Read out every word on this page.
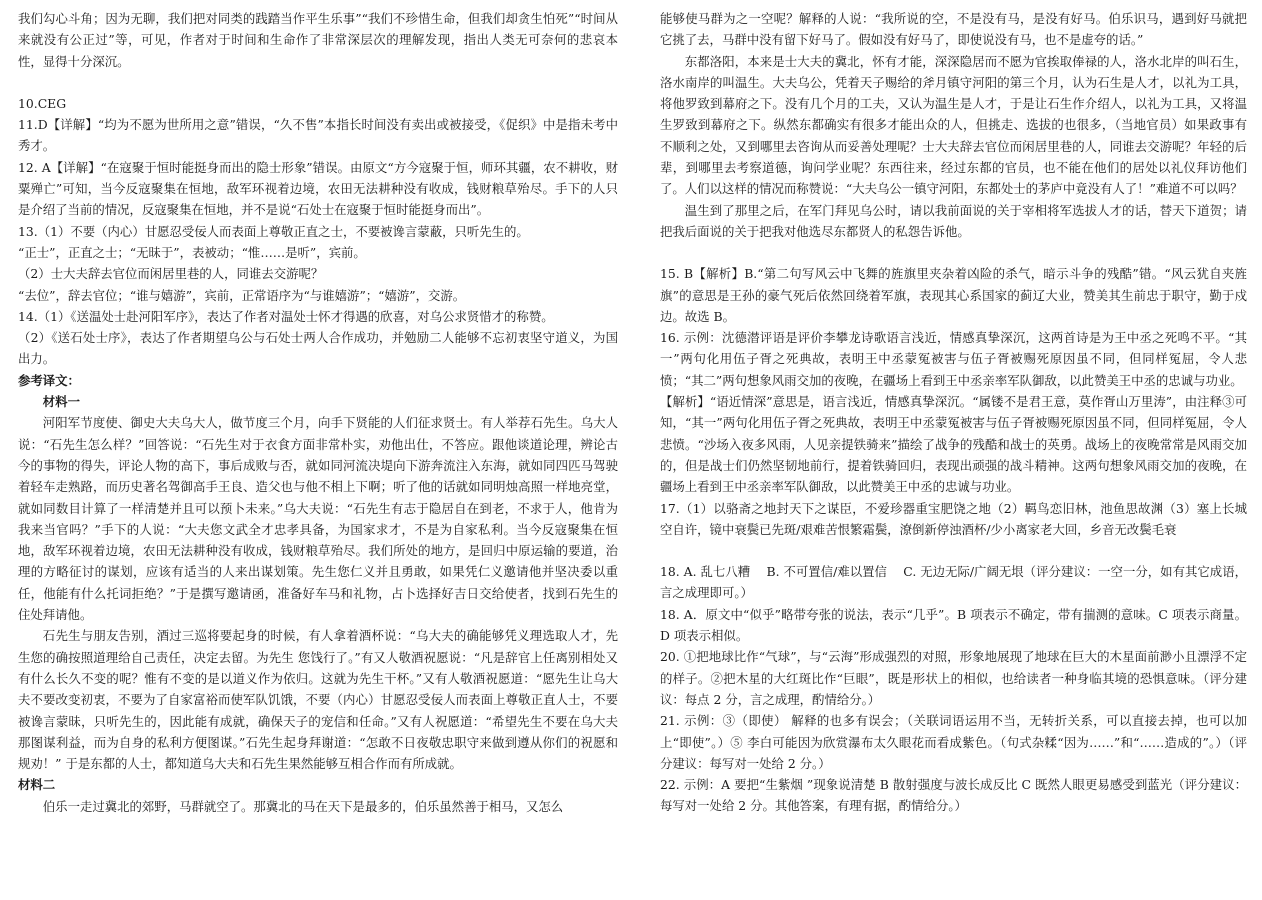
我们勾心斗角；因为无聊，我们把对同类的践踏当作平生乐事”“我们不珍惜生命，但我们却贪生怕死”“时间从来就没有公正过”等，可见，作者对于时间和生命作了非常深层次的理解发现，指出人类无可奈何的悲哀本性，显得十分深沉。

10.CEG

11.D【详解】“均为不愿为世所用之意”错误，“久不售”本指长时间没有卖出或被接受，《促织》中是指未考中秀才。

12. A【详解】“在寇聚于恒时能挺身而出的隐士形象”错误。由原文“方今寇聚于恒，师环其疆，农不耕收，财粟殚亡”可知，当今反寇聚集在恒地，敌军环视着边境，农田无法耕种没有收成，钱财粮草殆尽。手下的人只是介绍了当前的情况，反寇聚集在恒地，并不是说“石处士在寇聚于恒时能挺身而出”。

13.（1）不要（内心）甘愿忍受佞人而表面上尊敬正直之士，不要被谗言蒙蔽，只听先生的。

“正士”，正直之士；“无昧于”，表被动；“惟……是听”，宾前。

（2）士大夫辞去官位而闲居里巷的人，同谁去交游呢？

“去位”，辞去官位；“谁与嬉游”，宾前，正常语序为“与谁嬉游”；“嬉游”，交游。

14.（1）《送温处士赴河阳军序》，表达了作者对温处士怀才得遇的欣喜，对乌公求贤惜才的称赞。

（2）《送石处士序》，表达了作者期望乌公与石处士两人合作成功，并勉励二人能够不忘初衷坚守道义，为国出力。

参考译文：

材料一

河阳军节度使、御史大夫乌大人，做节度三个月，向手下贤能的人们征求贤士。有人举荐石先生。乌大人说：“石先生怎么样？”回答说：“石先生对于衣食方面非常朴实，劝他出仕，不答应。跟他谈道论理，辨论古今的事物的得失，评论人物的高下，事后成败与否，就如同河流决堤向下游奔流注入东海，就如同四匹马驾驶着轻车走熟路，而历史著名驾御高手王良、造父也与他不相上下啊；听了他的话就如同明烛高照一样地亮堂，就如同数目计算了一样清楚并且可以预卜未来。”乌大夫说：“石先生有志于隐居自在到老，不求于人，他肯为我来当官吗？”手下的人说：“大夫您文武全才忠孝具备，为国家求才，不是为自家私利。当今反寇聚集在恒地，敌军环视着边境，农田无法耕种没有收成，钱财粮草殆尽。我们所处的地方，是回归中原运输的要道，治理的方略征讨的谋划，应该有适当的人来出谋划策。先生您仁义并且勇敢，如果凭仁义邀请他并坚决委以重任，他能有什么托词拒绝？”于是撰写邀请函，准备好车马和礼物，占卜选择好吉日交给使者，找到石先生的住处拜请他。

石先生与朋友告别，酒过三巡将要起身的时候，有人拿着酒杯说：“乌大夫的确能够凭义理选取人才，先生您的确按照道理给自己责任，决定去留。为先生 您饯行了。”有又人敬酒祝愿说：“凡是辞官上任离别相处又有什么长久不变的呢？惟有不变的是以道义作为依归。这就为先生干杯。”又有人敬酒祝愿道：“愿先生让乌大夫不要改变初衷，不要为了自家富裕而使军队饥饿，不要（内心）甘愿忍受佞人而表面上尊敬正直人士，不要被谗言蒙昧，只听先生的，因此能有成就，确保天子的宠信和任命。”又有人祝愿道：“希望先生不要在乌大夫那图谋利益，而为自身的私利方便图谋。”石先生起身拜谢道：“怎敢不日夜敬忠职守来做到遵从你们的祝愿和规劝！” 于是东都的人士，都知道乌大夫和石先生果然能够互相合作而有所成就。

材料二

伯乐一走过冀北的郊野，马群就空了。那冀北的马在天下是最多的，伯乐虽然善于相马，又怎么

能够使马群为之一空呢？解释的人说：“我所说的空，不是没有马，是没有好马。伯乐识马，遇到好马就把它挑了去，马群中没有留下好马了。假如没有好马了，即使说没有马，也不是虚夸的话。”

东都洛阳，本来是士大夫的冀北，怀有才能，深深隐居而不愿为官挨取俸禄的人，洛水北岸的叫石生，洛水南岸的叫温生。大夫乌公，凭着天子赐给的斧月镇守河阳的第三个月，认为石生是人才，以礼为工具，将他罗致到幕府之下。没有几个月的工夫，又认为温生是人才，于是让石生作介绍人，以礼为工具，又将温生罗致到幕府之下。纵然东都确实有很多才能出众的人，但挑走、选拔的也很多，（当地官员）如果政事有不顺利之处，又到哪里去咨询从而妥善处理呢？士大夫辞去官位而闲居里巷的人，同谁去交游呢？年轻的后辈，到哪里去考察道德，询问学业呢？东西往来，经过东都的官员，也不能在他们的居处以礼仪拜访他们了。人们以这样的情况而称赞说：“大夫乌公一镇守河阳，东都处士的茅庐中竟没有人了！”难道不可以吗？

温生到了那里之后，在军门拜见乌公时，请以我前面说的关于宰相将军选拔人才的话，替天下道贺；请把我后面说的关于把我对他选尽东都贤人的私怨告诉他。

15. B【解析】B.“第二句写风云中飞舞的旌旗里夹杂着凶险的杀气，暗示斗争的残酷”错。“风云犹自夹旌旗”的意思是王孙的豪气死后依然回绕着军旗，表现其心系国家的蓟辽大业，赞美其生前忠于职守，勤于戍边。故选 B。

16. 示例：沈德潜评语是评价李攀龙诗歌语言浅近，情感真挚深沉，这两首诗是为王中丞之死鸣不平。“其一”两句化用伍子胥之死典故，表明王中丞蒙冤被害与伍子胥被赐死原因虽不同，但同样冤屈，令人悲愤；“其二”两句想象风雨交加的夜晚，在疆场上看到王中丞亲率军队御敌，以此赞美王中丞的忠诚与功业。

【解析】“语近情深”意思是，语言浅近，情感真挚深沉。“属镂不是君王意，莫作胥山万里涛”，由注释③可知，“其一”两句化用伍子胥之死典故，表明王中丞蒙冤被害与伍子胥被赐死原因虽不同，但同样冤屈，令人悲愤。“沙场入夜多风雨，人见亲提铁骑来”描绘了战争的残酷和战士的英勇。战场上的夜晚常常是风雨交加的，但是战士们仍然坚韧地前行，提着铁骑回归，表现出顽强的战斗精神。这两句想象风雨交加的夜晚，在疆场上看到王中丞亲率军队御敌，以此赞美王中丞的忠诚与功业。

17.（1）以骆斋之地封天下之谋臣，不爱珍器重宝肥饶之地（2）羁鸟恋旧林，池鱼思故渊（3）塞上长城空自许，镜中衰鬓已先斑/艰难苦恨繁霜鬓，潦倒新停浊酒杯/少小离家老大回，乡音无改鬓毛衰

18. A. 乱七八糟　 B. 不可置信/难以置信　 C. 无边无际/广阔无垠（评分建议：一空一分，如有其它成语，言之成理即可。）

18. A．原文中“似乎”略带夸张的说法，表示“几乎”。B 项表示不确定，带有揣测的意味。C 项表示商量。D 项表示相似。

20. ①把地球比作“气球”，与“云海”形成强烈的对照，形象地展现了地球在巨大的木星面前渺小且漂浮不定的样子。②把木星的大红斑比作“巨眼”，既是形状上的相似，也给读者一种身临其境的恐惧意味。（评分建议：每点 2 分，言之成理，酌情给分。）

21. 示例：③（即使） 解释的也多有误会；（关联词语运用不当，无转折关系，可以直接去掉，也可以加上“即使”。）⑤ 李白可能因为欣赏瀑布太久眼花而看成紫色。（句式杂糅“因为……”和“……造成的”。）（评分建议：每写对一处给 2 分。）

22. 示例：A 要把“生紫烟 ”现象说清楚 B 散射强度与波长成反比 C 既然人眼更易感受到蓝光（评分建议：每写对一处给 2 分。其他答案，有理有据，酌情给分。）
